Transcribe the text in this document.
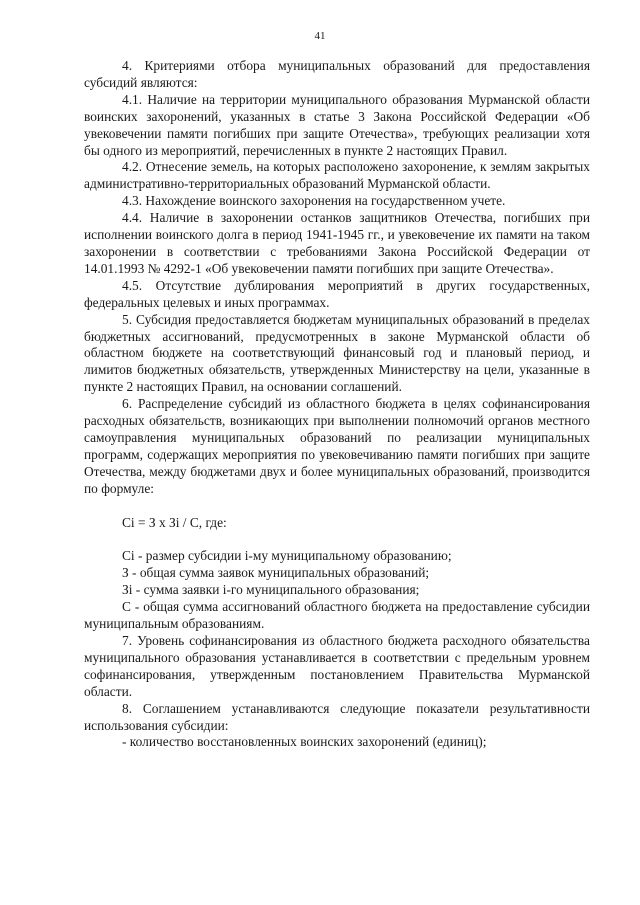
41

4. Критериями отбора муниципальных образований для предоставления субсидий являются:

4.1. Наличие на территории муниципального образования Мурманской области воинских захоронений, указанных в статье 3 Закона Российской Федерации «Об увековечении памяти погибших при защите Отечества», требующих реализации хотя бы одного из мероприятий, перечисленных в пункте 2 настоящих Правил.

4.2. Отнесение земель, на которых расположено захоронение, к землям закрытых административно-территориальных образований Мурманской области.

4.3. Нахождение воинского захоронения на государственном учете.

4.4. Наличие в захоронении останков защитников Отечества, погибших при исполнении воинского долга в период 1941-1945 гг., и увековечение их памяти на таком захоронении в соответствии с требованиями Закона Российской Федерации от 14.01.1993 № 4292-1 «Об увековечении памяти погибших при защите Отечества».

4.5. Отсутствие дублирования мероприятий в других государственных, федеральных целевых и иных программах.

5. Субсидия предоставляется бюджетам муниципальных образований в пределах бюджетных ассигнований, предусмотренных в законе Мурманской области об областном бюджете на соответствующий финансовый год и плановый период, и лимитов бюджетных обязательств, утвержденных Министерству на цели, указанные в пункте 2 настоящих Правил, на основании соглашений.

6. Распределение субсидий из областного бюджета в целях софинансирования расходных обязательств, возникающих при выполнении полномочий органов местного самоуправления муниципальных образований по реализации муниципальных программ, содержащих мероприятия по увековечиванию памяти погибших при защите Отечества, между бюджетами двух и более муниципальных образований, производится по формуле:

Ci = З х Зi / С, где:

Ci - размер субсидии i-му муниципальному образованию;

З - общая сумма заявок муниципальных образований;

Зi - сумма заявки i-го муниципального образования;

С - общая сумма ассигнований областного бюджета на предоставление субсидии муниципальным образованиям.

7. Уровень софинансирования из областного бюджета расходного обязательства муниципального образования устанавливается в соответствии с предельным уровнем софинансирования, утвержденным постановлением Правительства Мурманской области.

8. Соглашением устанавливаются следующие показатели результативности использования субсидии:

- количество восстановленных воинских захоронений (единиц);
